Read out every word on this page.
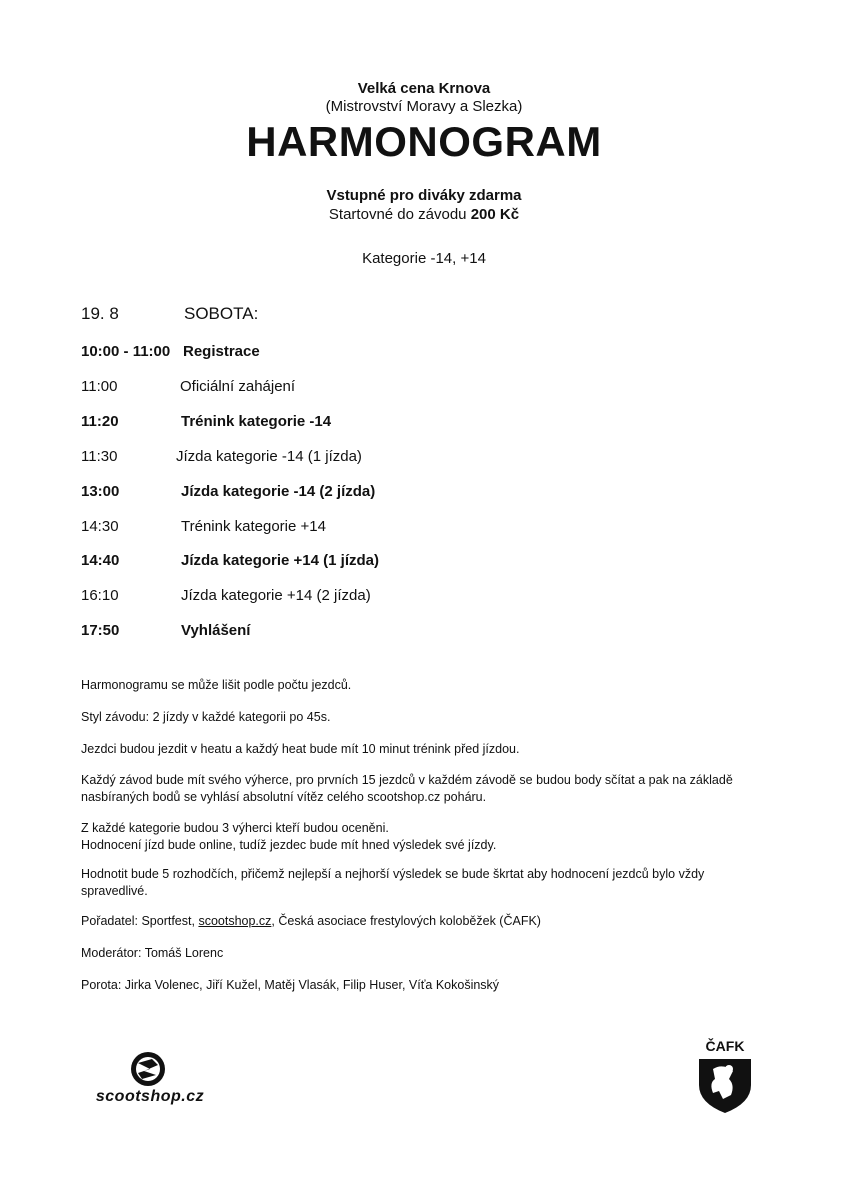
Velká cena Krnova
(Mistrovství Moravy a Slezka)
HARMONOGRAM
Vstupné pro diváky zdarma
Startovné do závodu 200 Kč
Kategorie -14, +14
19. 8	SOBOTA:
10:00 - 11:00 Registrace
11:00	Oficiální zahájení
11:20	Trénink kategorie -14
11:30	Jízda kategorie -14 (1 jízda)
13:00	Jízda kategorie -14 (2 jízda)
14:30	Trénink kategorie +14
14:40	Jízda kategorie +14 (1 jízda)
16:10	Jízda kategorie +14 (2 jízda)
17:50	Vyhlášení
Harmonogramu se může lišit podle počtu jezdců.
Styl závodu: 2 jízdy v každé kategorii po 45s.
Jezdci budou jezdit v heatu a každý heat bude mít 10 minut trénink před jízdou.
Každý závod bude mít svého výherce, pro prvních 15 jezdců v každém závodě se budou body sčítat a pak na základě
nasbíraných bodů se vyhlásí absolutní vítěz celého scootshop.cz poháru.
Z každé kategorie budou 3 výherci kteří budou oceněni.
Hodnocení jízd bude online, tudíž jezdec bude mít hned výsledek své jízdy.
Hodnotit bude 5 rozhodčích, přičemž nejlepší a nejhorší výsledek se bude škrtat aby hodnocení jezdců bylo vždy
spravedlivé.
Pořadatel: Sportfest, scootshop.cz, Česká asociace frestylových koloběžek (ČAFK)
Moderátor: Tomáš Lorenc
Porota: Jirka Volenec, Jiří Kužel, Matěj Vlasák, Filip Huser, Víťa Kokošinský
scootshop.cz
ČAFK
